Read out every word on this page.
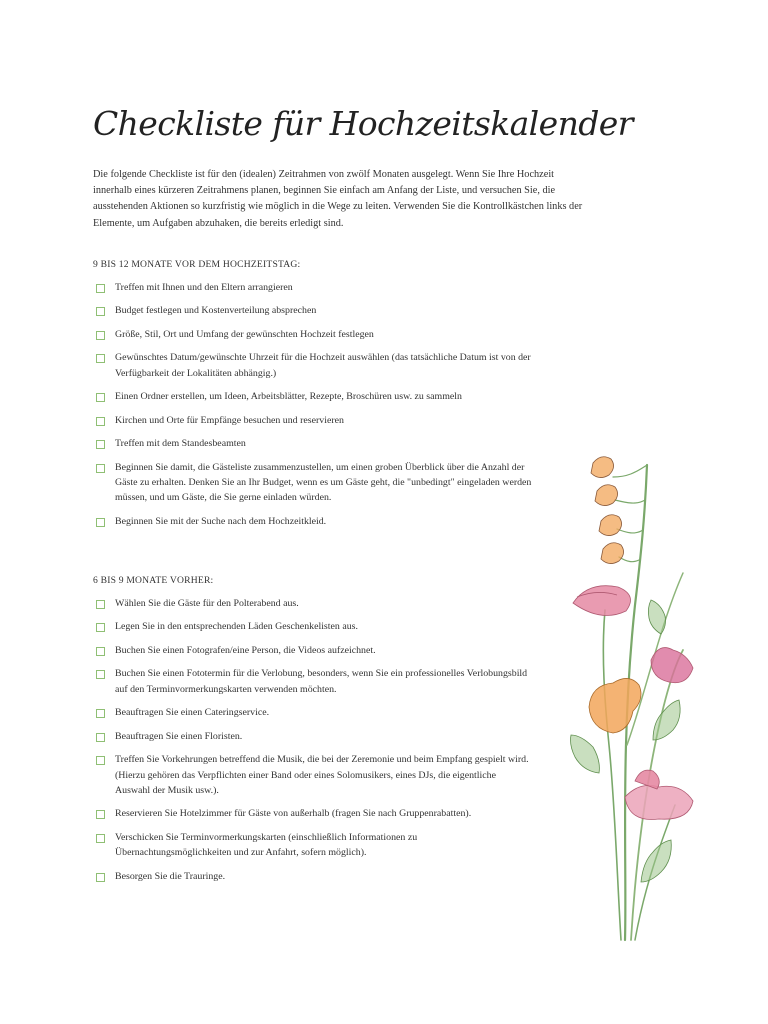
Checkliste für Hochzeitskalender

Die folgende Checkliste ist für den (idealen) Zeitrahmen von zwölf Monaten ausgelegt. Wenn Sie Ihre Hochzeit innerhalb eines kürzeren Zeitrahmens planen, beginnen Sie einfach am Anfang der Liste, und versuchen Sie, die ausstehenden Aktionen so kurzfristig wie möglich in die Wege zu leiten. Verwenden Sie die Kontrollkästchen links der Elemente, um Aufgaben abzuhaken, die bereits erledigt sind.

9 BIS 12 MONATE VOR DEM HOCHZEITSTAG:
Treffen mit Ihnen und den Eltern arrangieren
Budget festlegen und Kostenverteilung absprechen
Größe, Stil, Ort und Umfang der gewünschten Hochzeit festlegen
Gewünschtes Datum/gewünschte Uhrzeit für die Hochzeit auswählen (das tatsächliche Datum ist von der Verfügbarkeit der Lokalitäten abhängig.)
Einen Ordner erstellen, um Ideen, Arbeitsblätter, Rezepte, Broschüren usw. zu sammeln
Kirchen und Orte für Empfänge besuchen und reservieren
Treffen mit dem Standesbeamten
Beginnen Sie damit, die Gästeliste zusammenzustellen, um einen groben Überblick über die Anzahl der Gäste zu erhalten. Denken Sie an Ihr Budget, wenn es um Gäste geht, die "unbedingt" eingeladen werden müssen, und um Gäste, die Sie gerne einladen würden.
Beginnen Sie mit der Suche nach dem Hochzeitkleid.
6 BIS 9 MONATE VORHER:
Wählen Sie die Gäste für den Polterabend aus.
Legen Sie in den entsprechenden Läden Geschenkelisten aus.
Buchen Sie einen Fotografen/eine Person, die Videos aufzeichnet.
Buchen Sie einen Fototermin für die Verlobung, besonders, wenn Sie ein professionelles Verlobungsbild auf den Terminvormerkungskarten verwenden möchten.
Beauftragen Sie einen Cateringservice.
Beauftragen Sie einen Floristen.
Treffen Sie Vorkehrungen betreffend die Musik, die bei der Zeremonie und beim Empfang gespielt wird.
(Hierzu gehören das Verpflichten einer Band oder eines Solomusikers, eines DJs, die eigentliche Auswahl der Musik usw.).
Reservieren Sie Hotelzimmer für Gäste von außerhalb (fragen Sie nach Gruppenrabatten).
Verschicken Sie Terminvormerkungskarten (einschließlich Informationen zu Übernachtungsmöglichkeiten und zur Anfahrt, sofern möglich).
Besorgen Sie die Trauringe.
